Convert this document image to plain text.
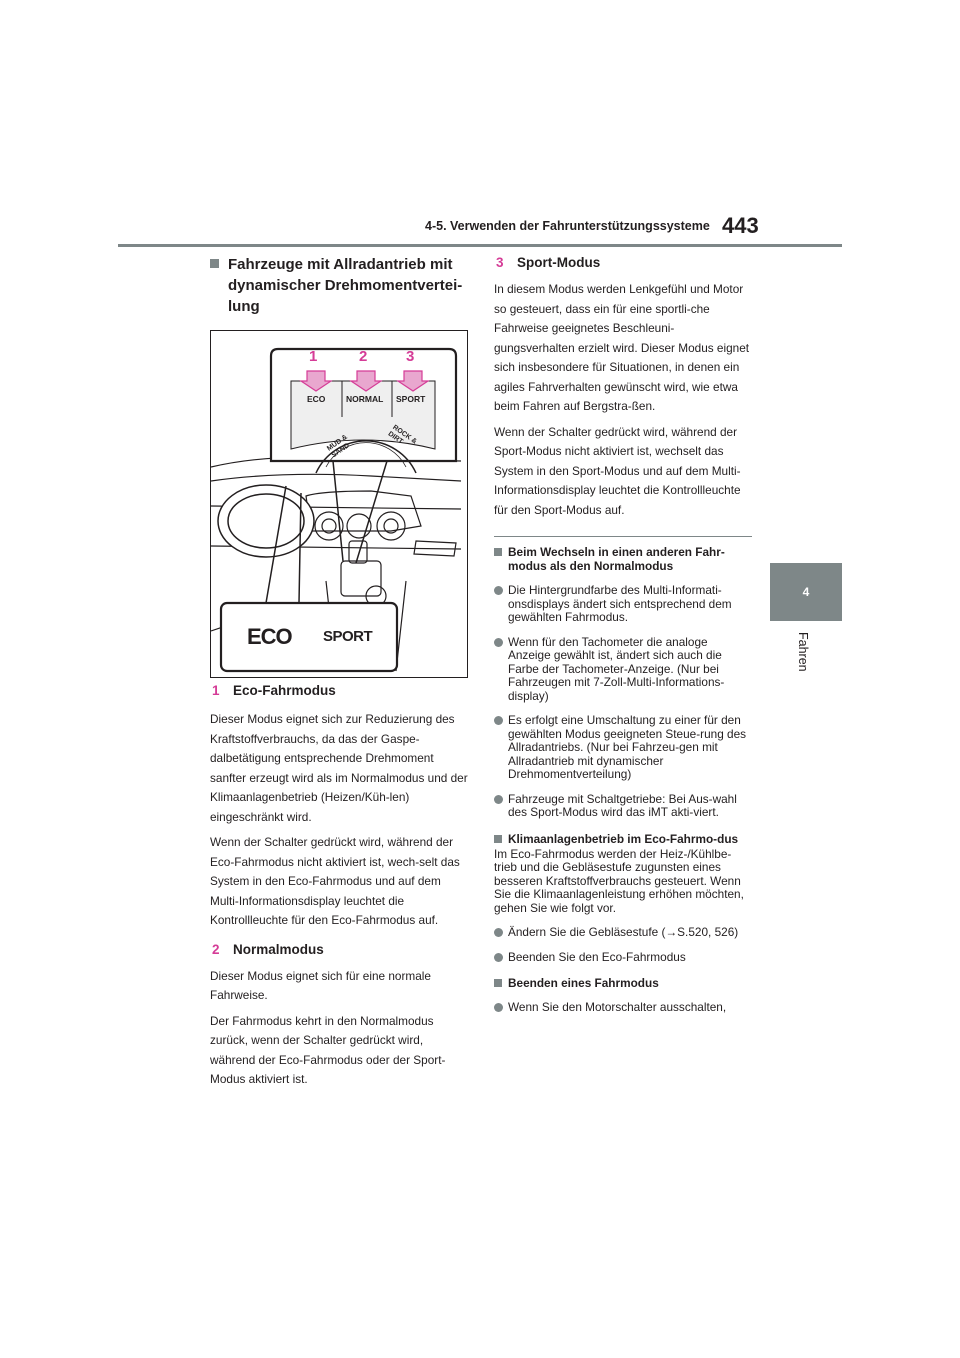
4-5. Verwenden der Fahrunterstützungssysteme 443
4
Fahren
Fahrzeuge mit Allradantrieb mit dynamischer Drehmomentvertei-lung
1	2	3
ECO NORMAL SPORT
MUD & SAND
ROCK & DIRT
ECO SPORT
1 Eco-Fahrmodus

Dieser Modus eignet sich zur Reduzierung des Kraftstoffverbrauchs, da das der Gaspe-dalbetätigung entsprechende Drehmoment sanfter erzeugt wird als im Normalmodus und der Klimaanlagenbetrieb (Heizen/Küh-len) eingeschränkt wird.

Wenn der Schalter gedrückt wird, während der Eco-Fahrmodus nicht aktiviert ist, wech-selt das System in den Eco-Fahrmodus und auf dem Multi-Informationsdisplay leuchtet die Kontrollleuchte für den Eco-Fahrmodus auf.

2 Normalmodus

Dieser Modus eignet sich für eine normale Fahrweise.

Der Fahrmodus kehrt in den Normalmodus zurück, wenn der Schalter gedrückt wird, während der Eco-Fahrmodus oder der Sport-Modus aktiviert ist.

3 Sport-Modus

In diesem Modus werden Lenkgefühl und Motor so gesteuert, dass ein für eine sportli-che Fahrweise geeignetes Beschleuni-gungsverhalten erzielt wird. Dieser Modus eignet sich insbesondere für Situationen, in denen ein agiles Fahrverhalten gewünscht wird, wie etwa beim Fahren auf Bergstra-ßen.

Wenn der Schalter gedrückt wird, während der Sport-Modus nicht aktiviert ist, wechselt das System in den Sport-Modus und auf dem Multi-Informationsdisplay leuchtet die Kontrollleuchte für den Sport-Modus auf.

Beim Wechseln in einen anderen Fahr-modus als den Normalmodus

Die Hintergrundfarbe des Multi-Informati-onsdisplays ändert sich entsprechend dem gewählten Fahrmodus.

Wenn für den Tachometer die analoge Anzeige gewählt ist, ändert sich auch die Farbe der Tachometer-Anzeige. (Nur bei Fahrzeugen mit 7-Zoll-Multi-Informations-display)

Es erfolgt eine Umschaltung zu einer für den gewählten Modus geeigneten Steue-rung des Allradantriebs. (Nur bei Fahrzeu-gen mit Allradantrieb mit dynamischer Drehmomentverteilung)

Fahrzeuge mit Schaltgetriebe: Bei Aus-wahl des Sport-Modus wird das iMT akti-viert.

Klimaanlagenbetrieb im Eco-Fahrmo-dus

Im Eco-Fahrmodus werden der Heiz-/Kühlbe-trieb und die Gebläsestufe zugunsten eines besseren Kraftstoffverbrauchs gesteuert. Wenn Sie die Klimaanlagenleistung erhöhen möchten, gehen Sie wie folgt vor.

Ändern Sie die Gebläsestufe (→S.520, 526)

Beenden Sie den Eco-Fahrmodus

Beenden eines Fahrmodus

Wenn Sie den Motorschalter ausschalten,
